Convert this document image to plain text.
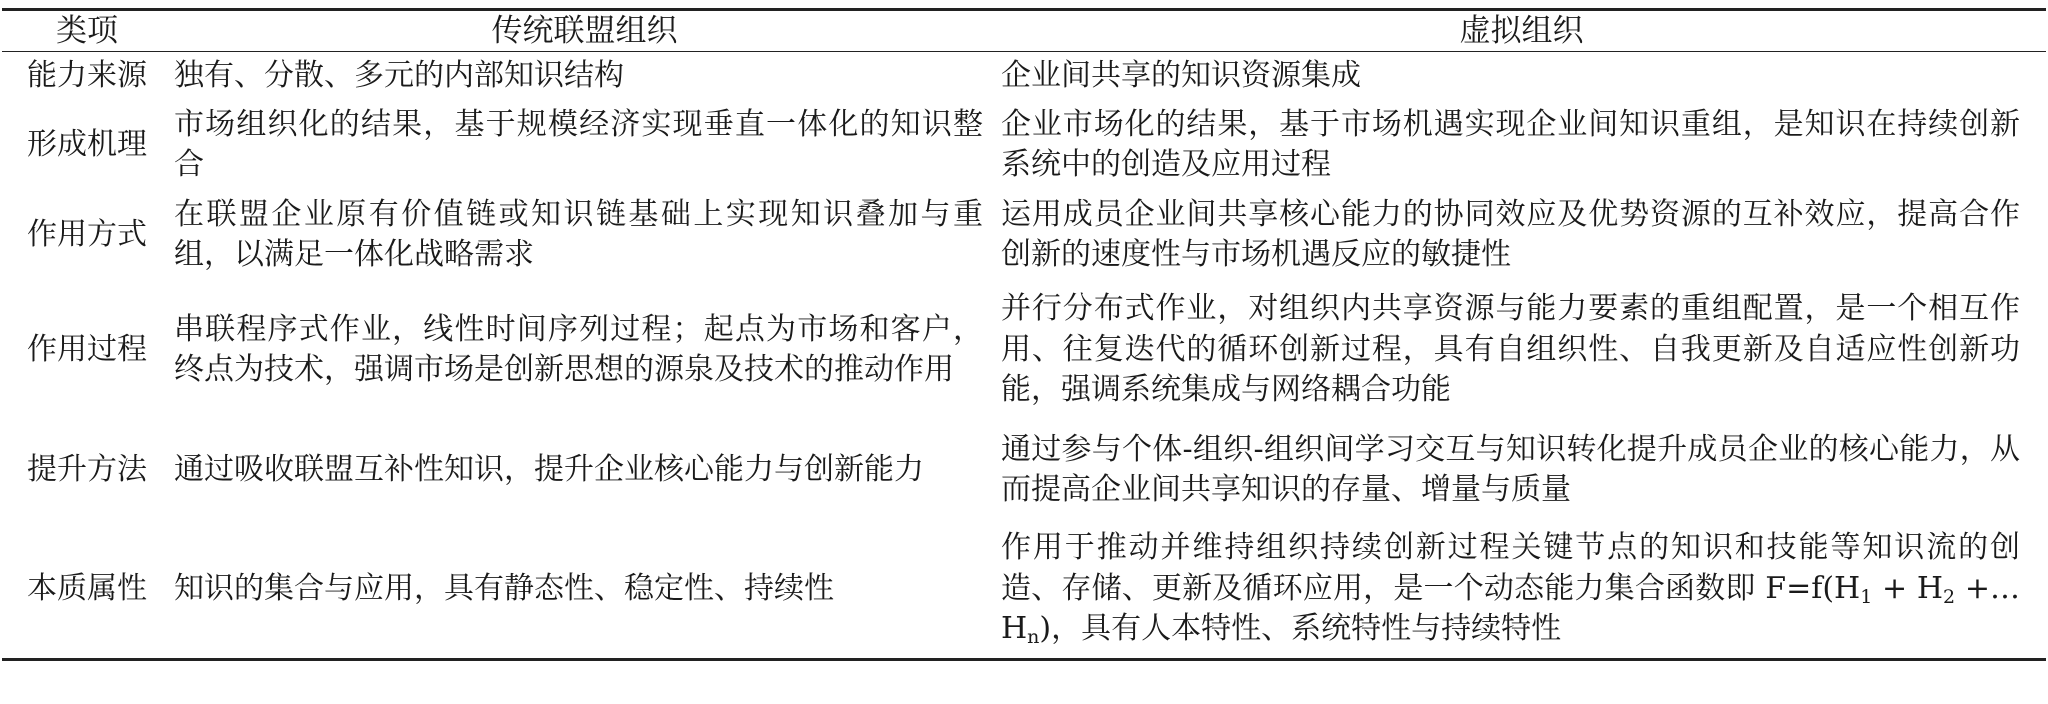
类项	传统联盟组织	虚拟组织
能力来源	独有、分散、多元的内部知识结构	企业间共享的知识资源集成
形成机理	市场组织化的结果，基于规模经济实现垂直一体化的知识整合	企业市场化的结果，基于市场机遇实现企业间知识重组，是知识在持续创新系统中的创造及应用过程
作用方式	在联盟企业原有价值链或知识链基础上实现知识叠加与重组，以满足一体化战略需求	运用成员企业间共享核心能力的协同效应及优势资源的互补效应，提高合作创新的速度性与市场机遇反应的敏捷性
作用过程	串联程序式作业，线性时间序列过程；起点为市场和客户，终点为技术，强调市场是创新思想的源泉及技术的推动作用	并行分布式作业，对组织内共享资源与能力要素的重组配置，是一个相互作用、往复迭代的循环创新过程，具有自组织性、自我更新及自适应性创新功能，强调系统集成与网络耦合功能
提升方法	通过吸收联盟互补性知识，提升企业核心能力与创新能力	通过参与个体-组织-组织间学习交互与知识转化提升成员企业的核心能力，从而提高企业间共享知识的存量、增量与质量
本质属性	知识的集合与应用，具有静态性、稳定性、持续性	作用于推动并维持组织持续创新过程关键节点的知识和技能等知识流的创造、存储、更新及循环应用，是一个动态能力集合函数即 $F=f(H_1 + H_2$ $+\dots H_n$)，具有人本特性、系统特性与持续特性
